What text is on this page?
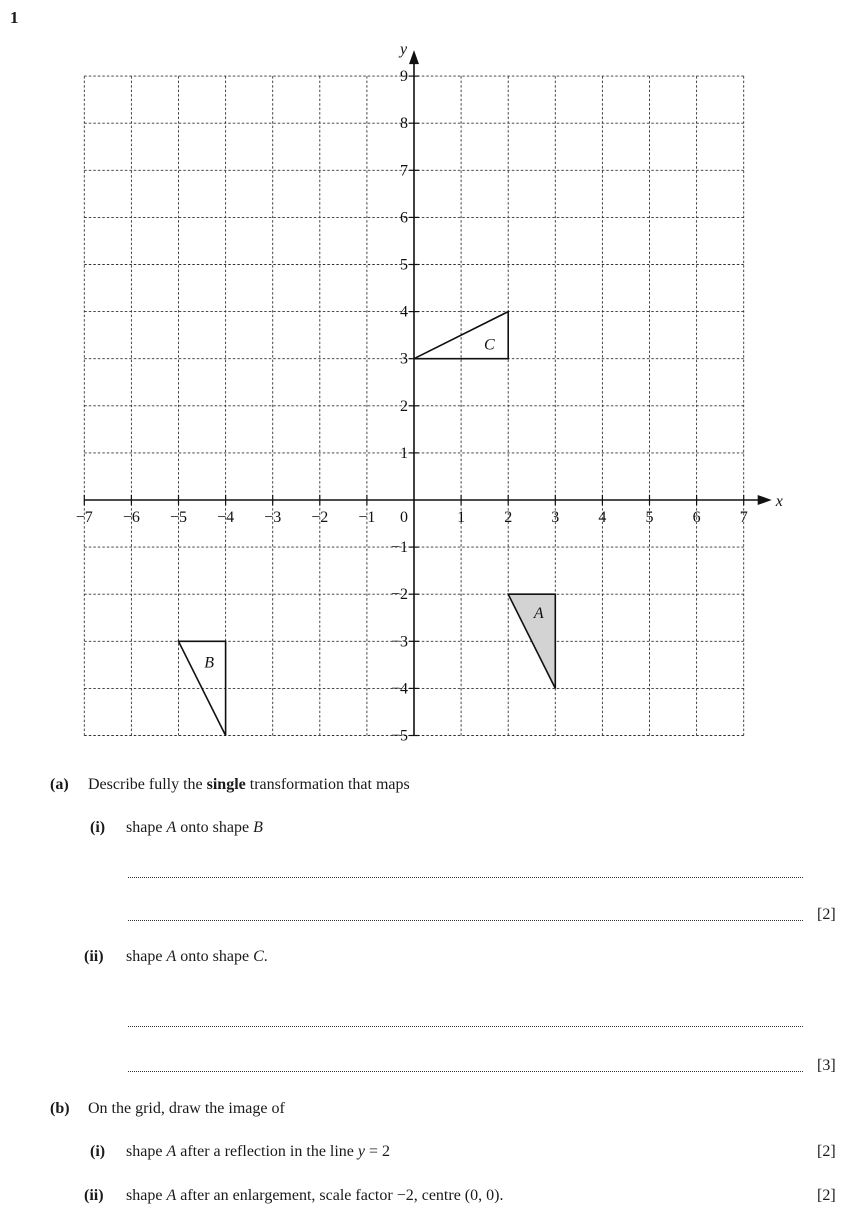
1
x
y
−7 −6 −5 −4 −3 −2 −1	1 2 3 4 5 6 7
9
8
7
6
5
4
3
2
1
−1
−2
−3
−4
−5
0
A
B
C
(a) Describe fully the single transformation that maps
(i) shape A onto shape B
[2]
(ii) shape A onto shape C.
[3]
(b) On the grid, draw the image of
(i) shape A after a reflection in the line y = 2	[2]
(ii) shape A after an enlargement, scale factor −2, centre (0, 0).	[2]
